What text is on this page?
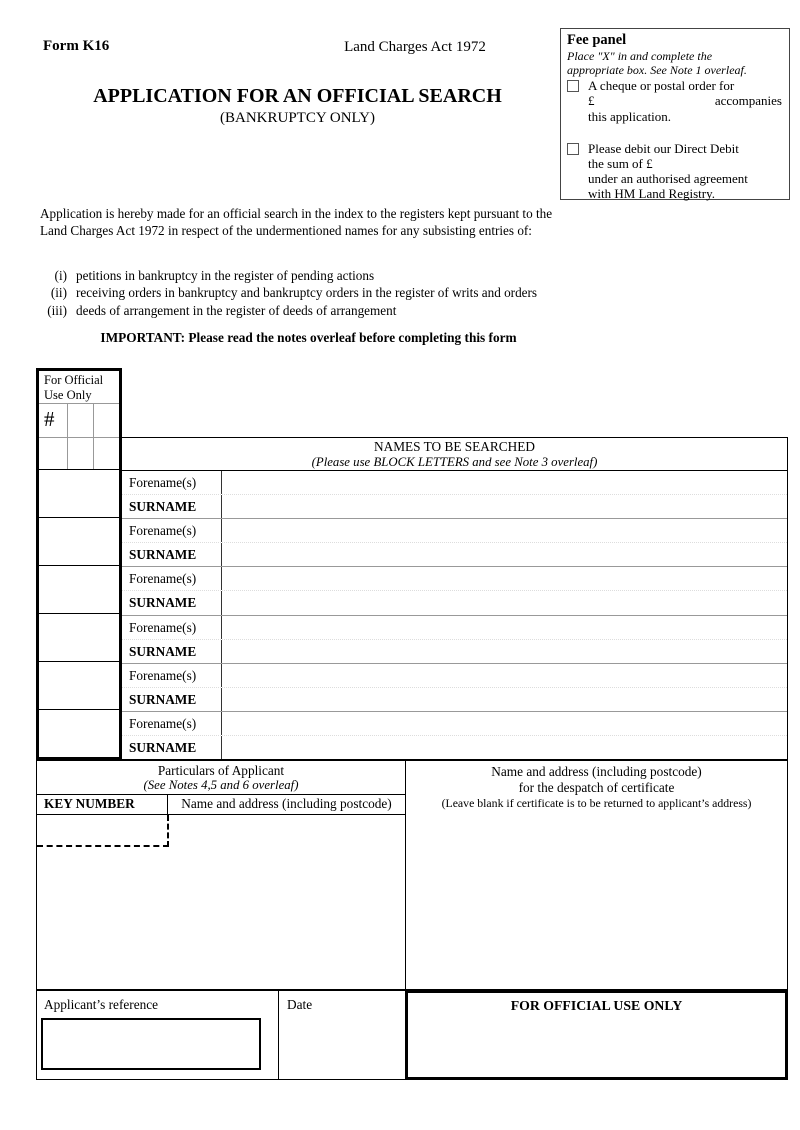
Form K16	Land Charges Act 1972
APPLICATION FOR AN OFFICIAL SEARCH
(BANKRUPTCY ONLY)
Fee panel
Place "X" in and complete the
appropriate box. See Note 1 overleaf.
A cheque or postal order for
£	accompanies
this application.
Please debit our Direct Debit
the sum of £
under an authorised agreement
with HM Land Registry.
Application is hereby made for an official search in the index to the registers kept pursuant to the Land Charges Act 1972 in respect of the undermentioned names for any subsisting entries of:
(i) petitions in bankruptcy in the register of pending actions
(ii) receiving orders in bankruptcy and bankruptcy orders in the register of writs and orders
(iii) deeds of arrangement in the register of deeds of arrangement
IMPORTANT: Please read the notes overleaf before completing this form
For Official
Use Only
#
NAMES TO BE SEARCHED
(Please use BLOCK LETTERS and see Note 3 overleaf)
Forename(s)
SURNAME
Forename(s)
SURNAME
Forename(s)
SURNAME
Forename(s)
SURNAME
Forename(s)
SURNAME
Forename(s)
SURNAME
Particulars of Applicant
(See Notes 4,5 and 6 overleaf)
KEY NUMBER	Name and address (including postcode)
Name and address (including postcode)
for the despatch of certificate
(Leave blank if certificate is to be returned to applicant’s address)
Applicant’s reference	Date	FOR OFFICIAL USE ONLY
